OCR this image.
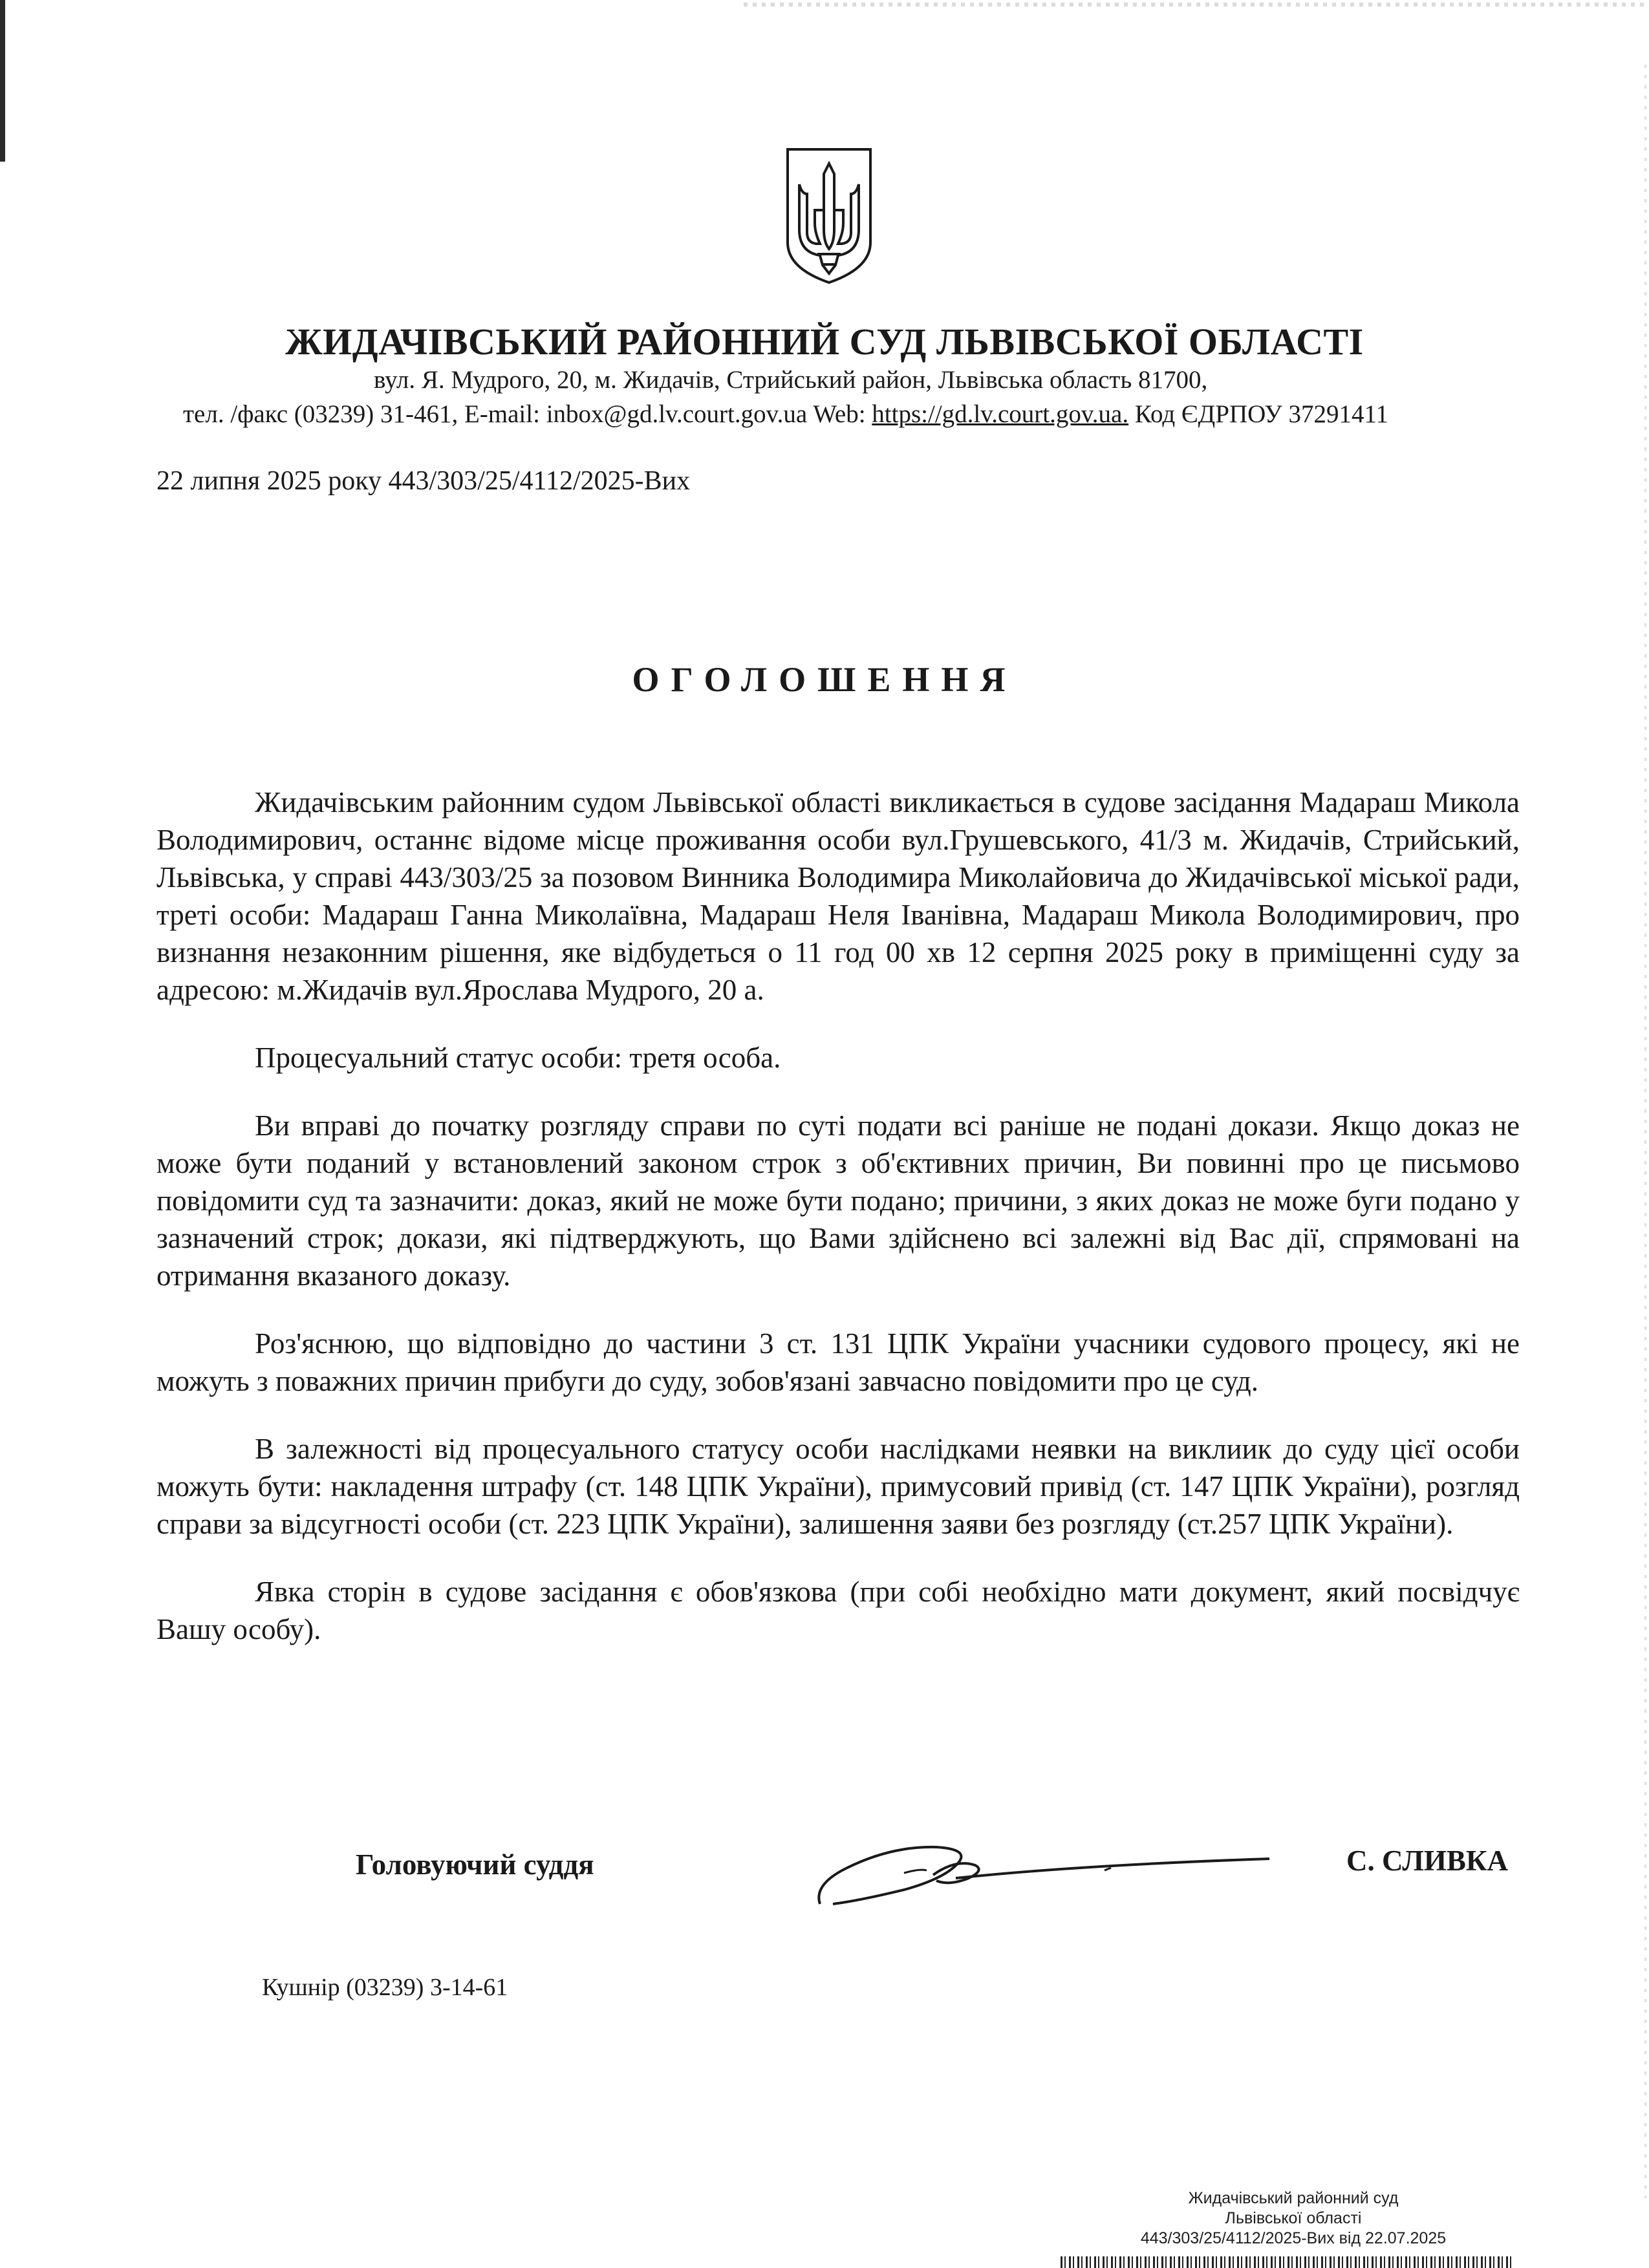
ЖИДАЧІВСЬКИЙ РАЙОННИЙ СУД ЛЬВІВСЬКОЇ ОБЛАСТІ
вул. Я. Мудрого, 20, м. Жидачів, Стрийський район, Львівська область 81700,
тел. /факс (03239) 31-461, E-mail: inbox@gd.lv.court.gov.ua Web: https://gd.lv.court.gov.ua. Код ЄДРПОУ 37291411
22 липня 2025 року 443/303/25/4112/2025-Вих
ОГОЛОШЕННЯ

Жидачівським районним судом Львівської області викликається в судове засідання Мадараш Микола Володимирович, останнє відоме місце проживання особи вул.Грушевського, 41/3 м. Жидачів, Стрийський, Львівська, у справі 443/303/25 за позовом Винника Володимира Миколайовича до Жидачівської міської ради, треті особи: Мадараш Ганна Миколаївна, Мадараш Неля Іванівна, Мадараш Микола Володимирович, про визнання незаконним рішення, яке відбудеться о 11 год 00 хв 12 серпня 2025 року в приміщенні суду за адресою: м.Жидачів вул.Ярослава Мудрого, 20 а.

Процесуальний статус особи: третя особа.

Ви вправі до початку розгляду справи по суті подати всі раніше не подані докази. Якщо доказ не може бути поданий у встановлений законом строк з об'єктивних причин, Ви повинні про це письмово повідомити суд та зазначити: доказ, який не може бути подано; причини, з яких доказ не може буги подано у зазначений строк; докази, які підтверджують, що Вами здійснено всі залежні від Вас дії, спрямовані на отримання вказаного доказу.

Роз'яснюю, що відповідно до частини 3 ст. 131 ЦПК України учасники судового процесу, які не можуть з поважних причин прибуги до суду, зобов'язані завчасно повідомити про це суд.

В залежності від процесуального статусу особи наслідками неявки на виклиик до суду цієї особи можуть бути: накладення штрафу (ст. 148 ЦПК України), примусовий привід (ст. 147 ЦПК України), розгляд справи за відсугності особи (ст. 223 ЦПК України), залишення заяви без розгляду (ст.257 ЦПК України).

Явка сторін в судове засідання є обов'язкова (при собі необхідно мати документ, який посвідчує Вашу особу).

Головуючий суддя	С. СЛИВКА
Кушнір (03239) 3-14-61
Жидачівський районний суд
Львівської області
443/303/25/4112/2025-Вих від 22.07.2025
